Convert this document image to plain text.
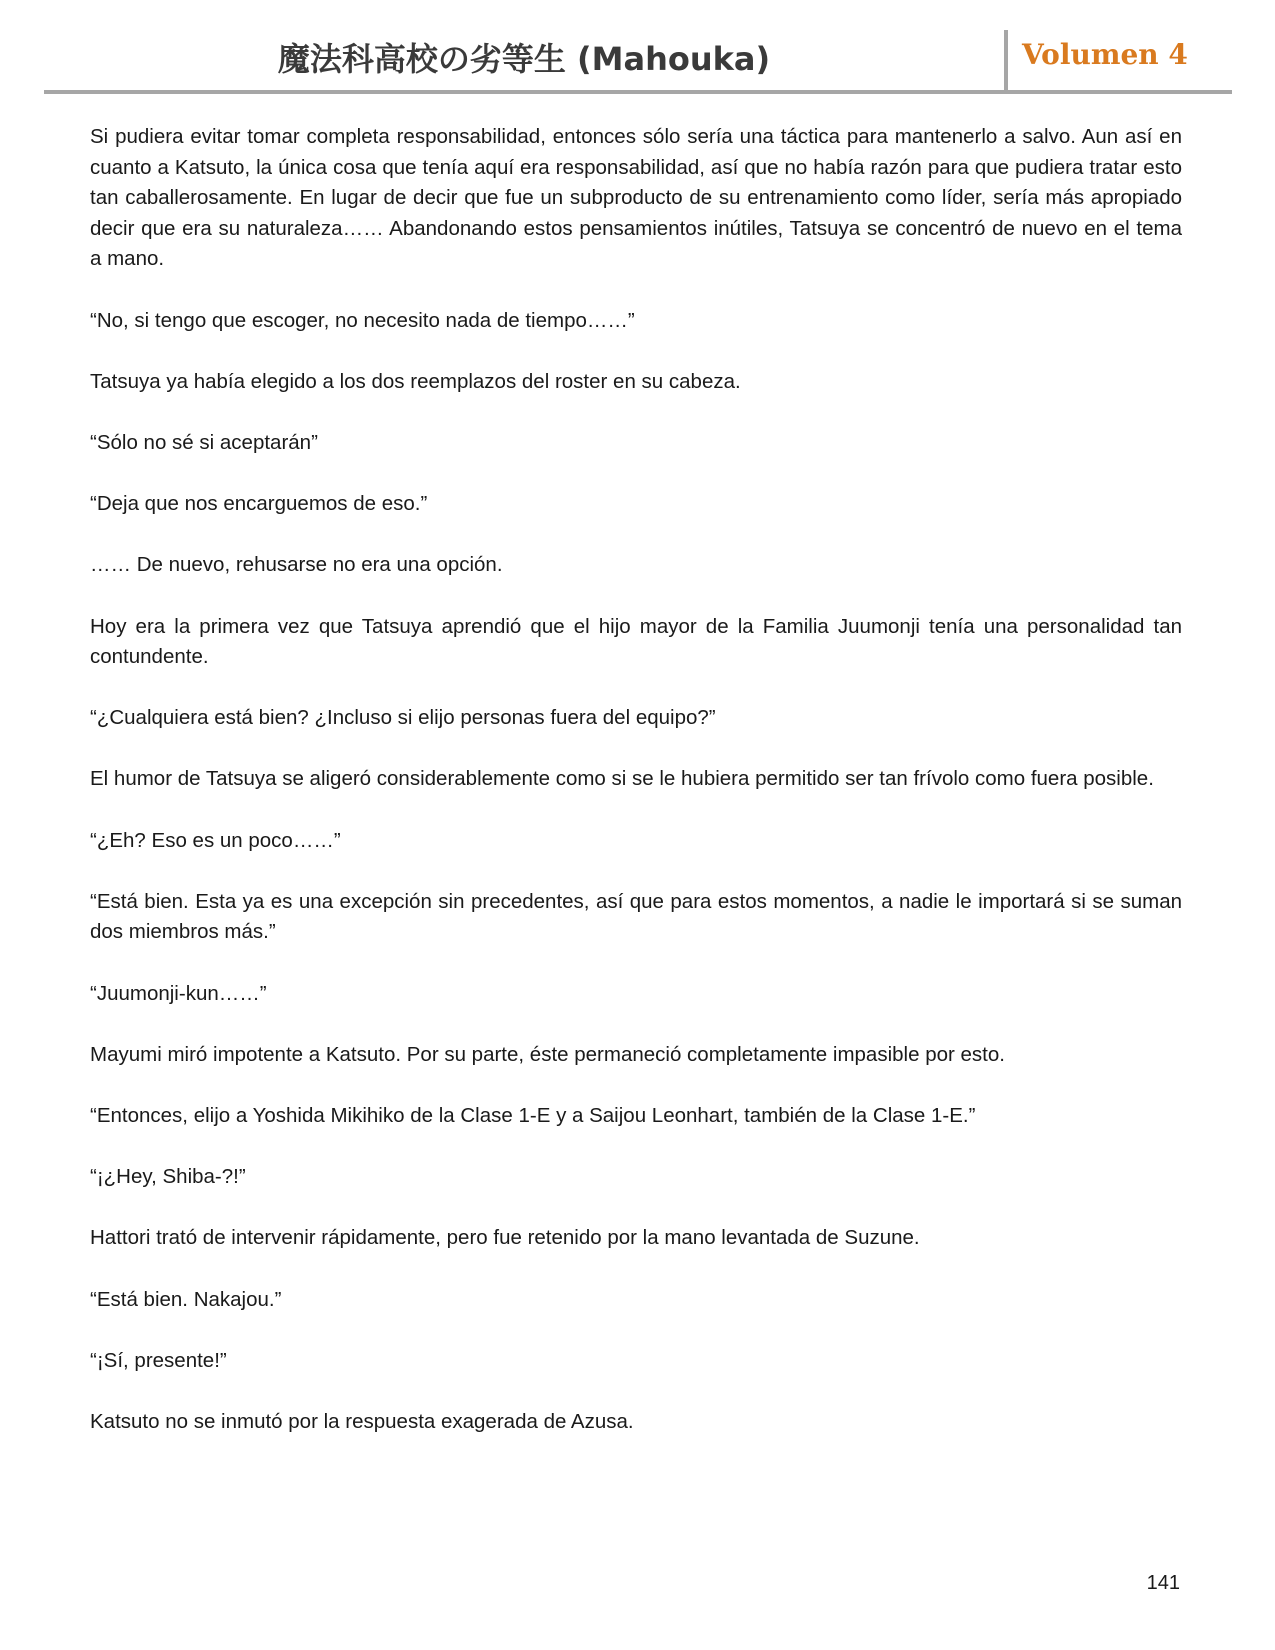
魔法科高校の劣等生 (Mahouka)	Volumen 4

Si pudiera evitar tomar completa responsabilidad, entonces sólo sería una táctica para mantenerlo a salvo. Aun así en cuanto a Katsuto, la única cosa que tenía aquí era responsabilidad, así que no había razón para que pudiera tratar esto tan caballerosamente. En lugar de decir que fue un subproducto de su entrenamiento como líder, sería más apropiado decir que era su naturaleza…… Abandonando estos pensamientos inútiles, Tatsuya se concentró de nuevo en el tema a mano.

“No, si tengo que escoger, no necesito nada de tiempo……”

Tatsuya ya había elegido a los dos reemplazos del roster en su cabeza.

“Sólo no sé si aceptarán”

“Deja que nos encarguemos de eso.”

…… De nuevo, rehusarse no era una opción.

Hoy era la primera vez que Tatsuya aprendió que el hijo mayor de la Familia Juumonji tenía una personalidad tan contundente.

“¿Cualquiera está bien? ¿Incluso si elijo personas fuera del equipo?”

El humor de Tatsuya se aligeró considerablemente como si se le hubiera permitido ser tan frívolo como fuera posible.

“¿Eh? Eso es un poco……”

“Está bien. Esta ya es una excepción sin precedentes, así que para estos momentos, a nadie le importará si se suman dos miembros más.”

“Juumonji-kun……”

Mayumi miró impotente a Katsuto. Por su parte, éste permaneció completamente impasible por esto.

“Entonces, elijo a Yoshida Mikihiko de la Clase 1-E y a Saijou Leonhart, también de la Clase 1-E.”

“¡¿Hey, Shiba-?!”

Hattori trató de intervenir rápidamente, pero fue retenido por la mano levantada de Suzune.

“Está bien. Nakajou.”

“¡Sí, presente!”

Katsuto no se inmutó por la respuesta exagerada de Azusa.

141
